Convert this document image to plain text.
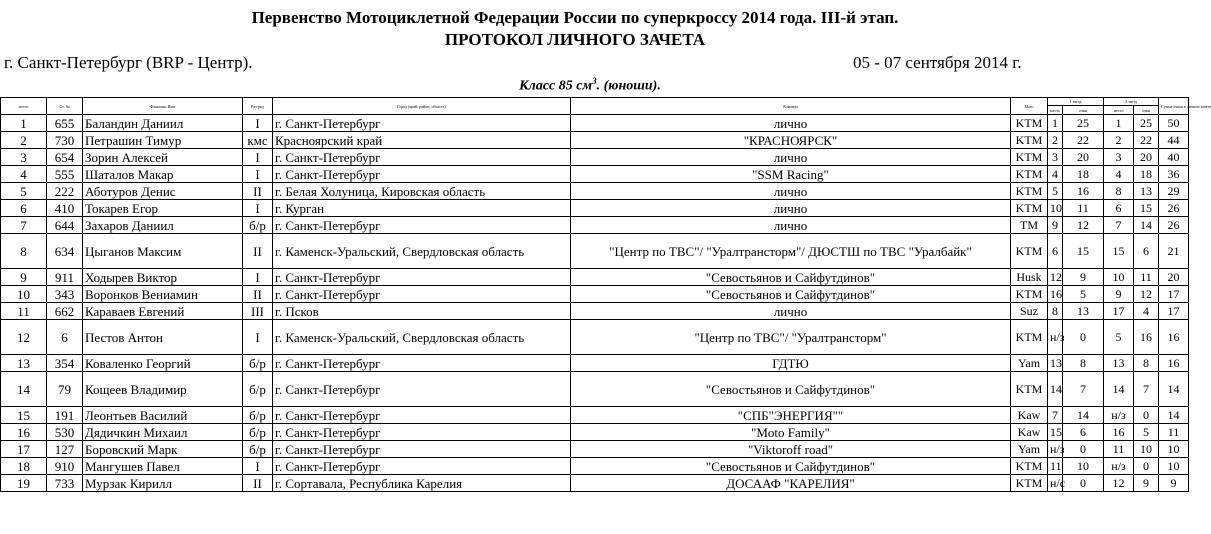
Первенство Мотоциклетной Федерации России по суперкроссу 2014 года. III-й этап.
ПРОТОКОЛ ЛИЧНОГО ЗАЧЕТА
г. Санкт-Петербург (BRP - Центр).	05 - 07 сентября 2014 г.
Класс 85 $см^3$. (юноши).
место	Ст. №	Фамилия, Имя	Раз-ряд	Город (край, район, область)	Команда	Мото	1 заезд		2 заезд		Сумма очков в личном зачете
							место	очки	место	очки	
1	655	Баландин Даниил	I	г. Санкт-Петербург	лично	KTM	1	25	1	25	50
2	730	Петрашин Тимур	кмс	Красноярский край	"КРАСНОЯРСК"	KTM	2	22	2	22	44
3	654	Зорин Алексей	I	г. Санкт-Петербург	лично	KTM	3	20	3	20	40
4	555	Шаталов Макар	I	г. Санкт-Петербург	"SSM Racing"	KTM	4	18	4	18	36
5	222	Аботуров Денис	II	г. Белая Холуница, Кировская область	лично	KTM	5	16	8	13	29
6	410	Токарев Егор	I	г. Курган	лично	KTM	10	11	6	15	26
7	644	Захаров Даниил	б/р	г. Санкт-Петербург	лично	TM	9	12	7	14	26
8	634	Цыганов Максим	II	г. Каменск-Уральский, Свердловская область	"Центр по ТВС"/ "Уралтрансторм"/ ДЮСТШ по ТВС "Уралбайк"	KTM	6	15	15	6	21
9	911	Ходырев Виктор	I	г. Санкт-Петербург	"Севостьянов и Сайфутдинов"	Husk	12	9	10	11	20
10	343	Воронков Вениамин	II	г. Санкт-Петербург	"Севостьянов и Сайфутдинов"	KTM	16	5	9	12	17
11	662	Караваев Евгений	III	г. Псков	лично	Suz	8	13	17	4	17
12	6	Пестов Антон	I	г. Каменск-Уральский, Свердловская область	"Центр по ТВС"/ "Уралтрансторм"	KTM	н/з	0	5	16	16
13	354	Коваленко Георгий	б/р	г. Санкт-Петербург	ГДТЮ	Yam	13	8	13	8	16
14	79	Кощеев Владимир	б/р	г. Санкт-Петербург	"Севостьянов и Сайфутдинов"	KTM	14	7	14	7	14
15	191	Леонтьев Василий	б/р	г. Санкт-Петербург	"СПБ"ЭНЕРГИЯ""	Kaw	7	14	н/з	0	14
16	530	Дядичкин Михаил	б/р	г. Санкт-Петербург	"Moto Family"	Kaw	15	6	16	5	11
17	127	Боровский Марк	б/р	г. Санкт-Петербург	"Viktoroff road"	Yam	н/з	0	11	10	10
18	910	Мангушев Павел	I	г. Санкт-Петербург	"Севостьянов и Сайфутдинов"	KTM	11	10	н/з	0	10
19	733	Мурзак Кирилл	II	г. Сортавала, Республика Карелия	ДОСААФ "КАРЕЛИЯ"	KTM	н/с	0	12	9	9
